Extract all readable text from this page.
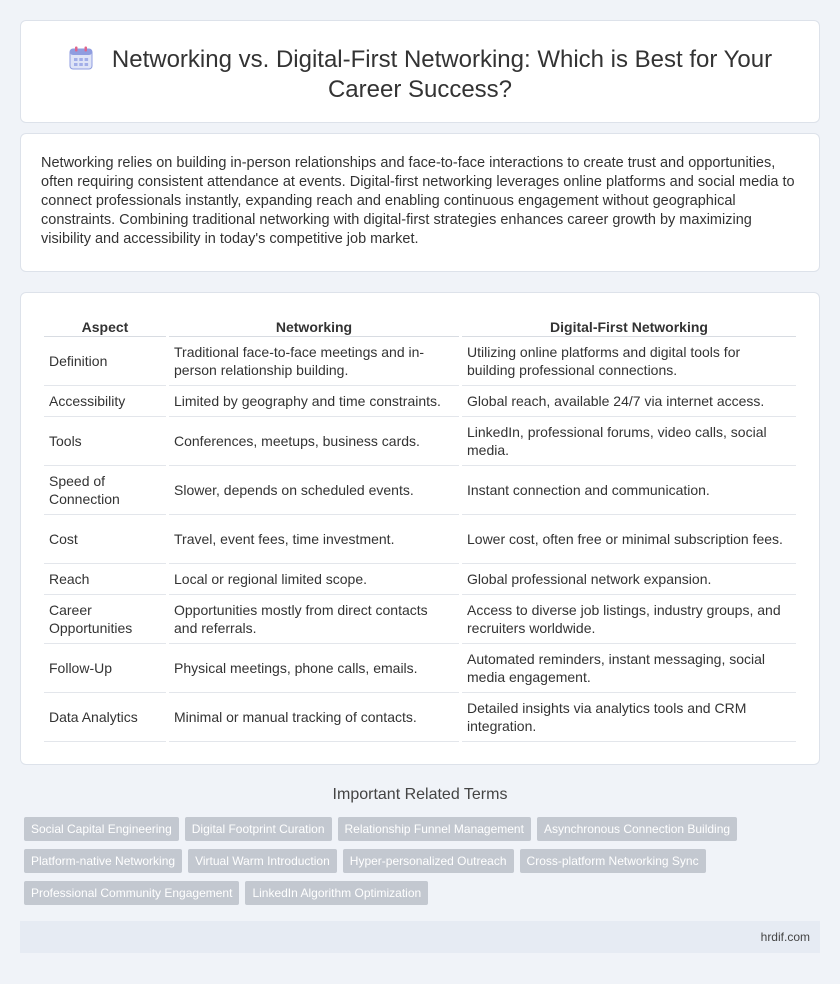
Networking vs. Digital-First Networking: Which is Best for Your Career Success?

Networking relies on building in-person relationships and face-to-face interactions to create trust and opportunities, often requiring consistent attendance at events. Digital-first networking leverages online platforms and social media to connect professionals instantly, expanding reach and enabling continuous engagement without geographical constraints. Combining traditional networking with digital-first strategies enhances career growth by maximizing visibility and accessibility in today's competitive job market.

Aspect	Networking	Digital-First Networking
Definition	Traditional face-to-face meetings and in-person relationship building.	Utilizing online platforms and digital tools for building professional connections.
Accessibility	Limited by geography and time constraints.	Global reach, available 24/7 via internet access.
Tools	Conferences, meetups, business cards.	LinkedIn, professional forums, video calls, social media.
Speed of Connection	Slower, depends on scheduled events.	Instant connection and communication.
Cost	Travel, event fees, time investment.	Lower cost, often free or minimal subscription fees.
Reach	Local or regional limited scope.	Global professional network expansion.
Career Opportunities	Opportunities mostly from direct contacts and referrals.	Access to diverse job listings, industry groups, and recruiters worldwide.
Follow-Up	Physical meetings, phone calls, emails.	Automated reminders, instant messaging, social media engagement.
Data Analytics	Minimal or manual tracking of contacts.	Detailed insights via analytics tools and CRM integration.
Important Related Terms
Social Capital Engineering	Digital Footprint Curation	Relationship Funnel Management	Asynchronous Connection Building
Platform-native Networking	Virtual Warm Introduction	Hyper-personalized Outreach	Cross-platform Networking Sync
Professional Community Engagement	LinkedIn Algorithm Optimization
hrdif.com
